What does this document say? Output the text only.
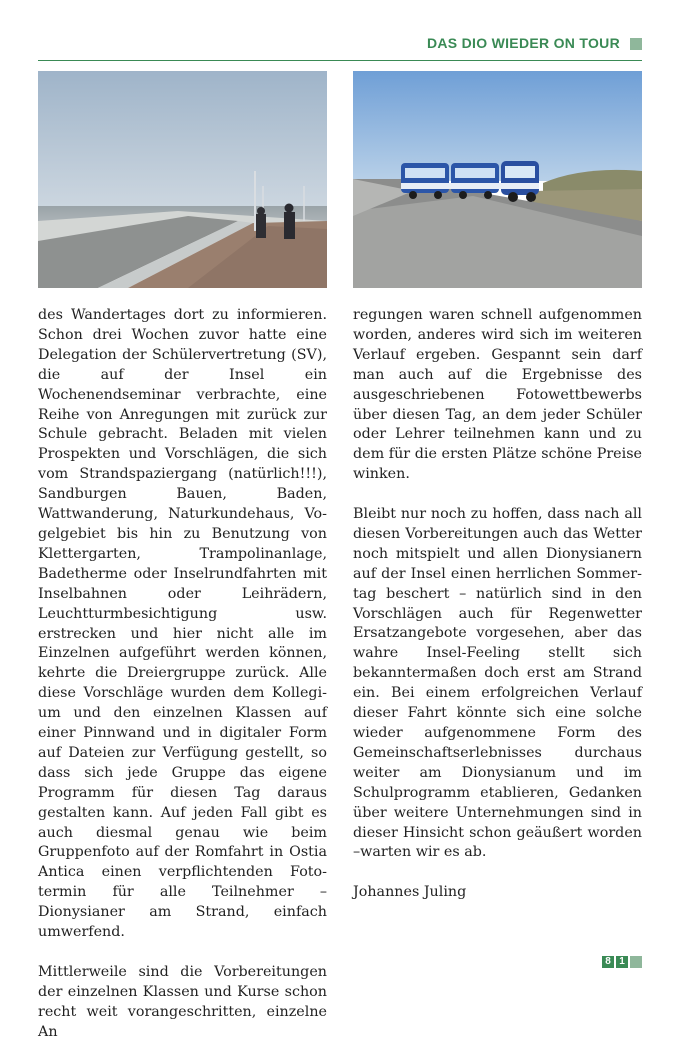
DAS DIO WIEDER ON TOUR

des Wandertages dort zu informieren. Schon drei Wochen zuvor hatte eine Delegation der Schülervertretung (SV), die auf der Insel ein Wochenendseminar verbrachte, eine Reihe von Anregungen mit zurück zur Schule gebracht. Beladen mit vielen Prospekten und Vorschlägen, die sich vom Strandspaziergang (natürlich!!!), Sandburgen Bauen, Baden, Wattwanderung, Naturkundehaus, Vogelgebiet bis hin zu Benutzung von Klettergarten, Trampolinanlage, Badetherme oder Inselrundfahrten mit Inselbahnen oder Leihrädern, Leuchtturmbesichtigung usw. erstrecken und hier nicht alle im Einzelnen aufgeführt werden können, kehrte die Dreiergruppe zurück. Alle diese Vorschläge wurden dem Kollegium und den einzelnen Klassen auf einer Pinnwand und in digitaler Form auf Dateien zur Verfügung gestellt, so dass sich jede Gruppe das eigene Programm für diesen Tag daraus gestalten kann. Auf jeden Fall gibt es auch diesmal genau wie beim Gruppenfoto auf der Romfahrt in Ostia Antica einen verpflichtenden Fototermin für alle Teilnehmer – Dionysianer am Strand, einfach umwerfend.

Mittlerweile sind die Vorbereitungen der einzelnen Klassen und Kurse schon recht weit vorangeschritten, einzelne An

regungen waren schnell aufgenommen worden, anderes wird sich im weiteren Verlauf ergeben. Gespannt sein darf man auch auf die Ergebnisse des ausgeschriebenen Fotowettbewerbs über diesen Tag, an dem jeder Schüler oder Lehrer teilnehmen kann und zu dem für die ersten Plätze schöne Preise winken.

Bleibt nur noch zu hoffen, dass nach all diesen Vorbereitungen auch das Wetter noch mitspielt und allen Dionysianern auf der Insel einen herrlichen Sommertag beschert – natürlich sind in den Vorschlägen auch für Regenwetter Ersatzangebote vorgesehen, aber das wahre Insel-Feeling stellt sich bekanntermaßen doch erst am Strand ein. Bei einem erfolgreichen Verlauf dieser Fahrt könnte sich eine solche wieder aufgenommene Form des Gemeinschaftserlebnisses durchaus weiter am Dionysianum und im Schulprogramm etablieren, Gedanken über weitere Unternehmungen sind in dieser Hinsicht schon geäußert worden –warten wir es ab.

Johannes Juling

8 1
